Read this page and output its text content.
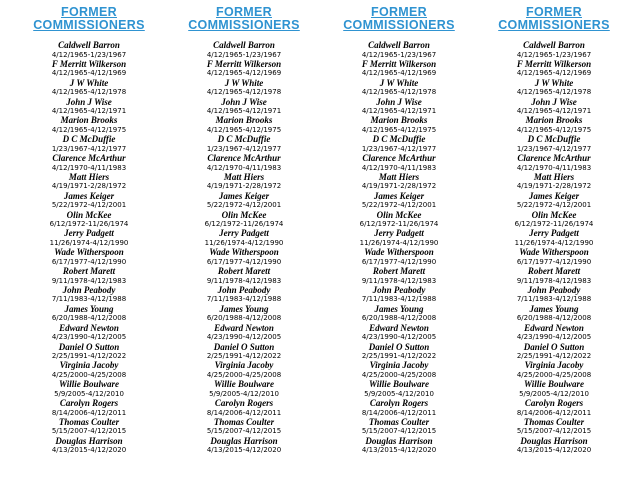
FORMER
COMMISSIONERS
Caldwell Barron
4/12/1965-1/23/1967
F Merritt Wilkerson
4/12/1965-4/12/1969
J W White
4/12/1965-4/12/1978
John J Wise
4/12/1965-4/12/1971
Marion Brooks
4/12/1965-4/12/1975
D C McDuffie
1/23/1967-4/12/1977
Clarence McArthur
4/12/1970-4/11/1983
Matt Hiers
4/19/1971-2/28/1972
James Keiger
5/22/1972-4/12/2001
Olin McKee
6/12/1972-11/26/1974
Jerry Padgett
11/26/1974-4/12/1990
Wade Witherspoon
6/17/1977-4/12/1990
Robert Marett
9/11/1978-4/12/1983
John Peabody
7/11/1983-4/12/1988
James Young
6/20/1988-4/12/2008
Edward Newton
4/23/1990-4/12/2005
Daniel O Sutton
2/25/1991-4/12/2022
Virginia Jacoby
4/25/2000-4/25/2008
Willie Boulware
5/9/2005-4/12/2010
Carolyn Rogers
8/14/2006-4/12/2011
Thomas Coulter
5/15/2007-4/12/2015
Douglas Harrison
4/13/2015-4/12/2020
FORMER
COMMISSIONERS
Caldwell Barron
4/12/1965-1/23/1967
F Merritt Wilkerson
4/12/1965-4/12/1969
J W White
4/12/1965-4/12/1978
John J Wise
4/12/1965-4/12/1971
Marion Brooks
4/12/1965-4/12/1975
D C McDuffie
1/23/1967-4/12/1977
Clarence McArthur
4/12/1970-4/11/1983
Matt Hiers
4/19/1971-2/28/1972
James Keiger
5/22/1972-4/12/2001
Olin McKee
6/12/1972-11/26/1974
Jerry Padgett
11/26/1974-4/12/1990
Wade Witherspoon
6/17/1977-4/12/1990
Robert Marett
9/11/1978-4/12/1983
John Peabody
7/11/1983-4/12/1988
James Young
6/20/1988-4/12/2008
Edward Newton
4/23/1990-4/12/2005
Daniel O Sutton
2/25/1991-4/12/2022
Virginia Jacoby
4/25/2000-4/25/2008
Willie Boulware
5/9/2005-4/12/2010
Carolyn Rogers
8/14/2006-4/12/2011
Thomas Coulter
5/15/2007-4/12/2015
Douglas Harrison
4/13/2015-4/12/2020
FORMER
COMMISSIONERS
Caldwell Barron
4/12/1965-1/23/1967
F Merritt Wilkerson
4/12/1965-4/12/1969
J W White
4/12/1965-4/12/1978
John J Wise
4/12/1965-4/12/1971
Marion Brooks
4/12/1965-4/12/1975
D C McDuffie
1/23/1967-4/12/1977
Clarence McArthur
4/12/1970-4/11/1983
Matt Hiers
4/19/1971-2/28/1972
James Keiger
5/22/1972-4/12/2001
Olin McKee
6/12/1972-11/26/1974
Jerry Padgett
11/26/1974-4/12/1990
Wade Witherspoon
6/17/1977-4/12/1990
Robert Marett
9/11/1978-4/12/1983
John Peabody
7/11/1983-4/12/1988
James Young
6/20/1988-4/12/2008
Edward Newton
4/23/1990-4/12/2005
Daniel O Sutton
2/25/1991-4/12/2022
Virginia Jacoby
4/25/2000-4/25/2008
Willie Boulware
5/9/2005-4/12/2010
Carolyn Rogers
8/14/2006-4/12/2011
Thomas Coulter
5/15/2007-4/12/2015
Douglas Harrison
4/13/2015-4/12/2020
FORMER
COMMISSIONERS
Caldwell Barron
4/12/1965-1/23/1967
F Merritt Wilkerson
4/12/1965-4/12/1969
J W White
4/12/1965-4/12/1978
John J Wise
4/12/1965-4/12/1971
Marion Brooks
4/12/1965-4/12/1975
D C McDuffie
1/23/1967-4/12/1977
Clarence McArthur
4/12/1970-4/11/1983
Matt Hiers
4/19/1971-2/28/1972
James Keiger
5/22/1972-4/12/2001
Olin McKee
6/12/1972-11/26/1974
Jerry Padgett
11/26/1974-4/12/1990
Wade Witherspoon
6/17/1977-4/12/1990
Robert Marett
9/11/1978-4/12/1983
John Peabody
7/11/1983-4/12/1988
James Young
6/20/1988-4/12/2008
Edward Newton
4/23/1990-4/12/2005
Daniel O Sutton
2/25/1991-4/12/2022
Virginia Jacoby
4/25/2000-4/25/2008
Willie Boulware
5/9/2005-4/12/2010
Carolyn Rogers
8/14/2006-4/12/2011
Thomas Coulter
5/15/2007-4/12/2015
Douglas Harrison
4/13/2015-4/12/2020
